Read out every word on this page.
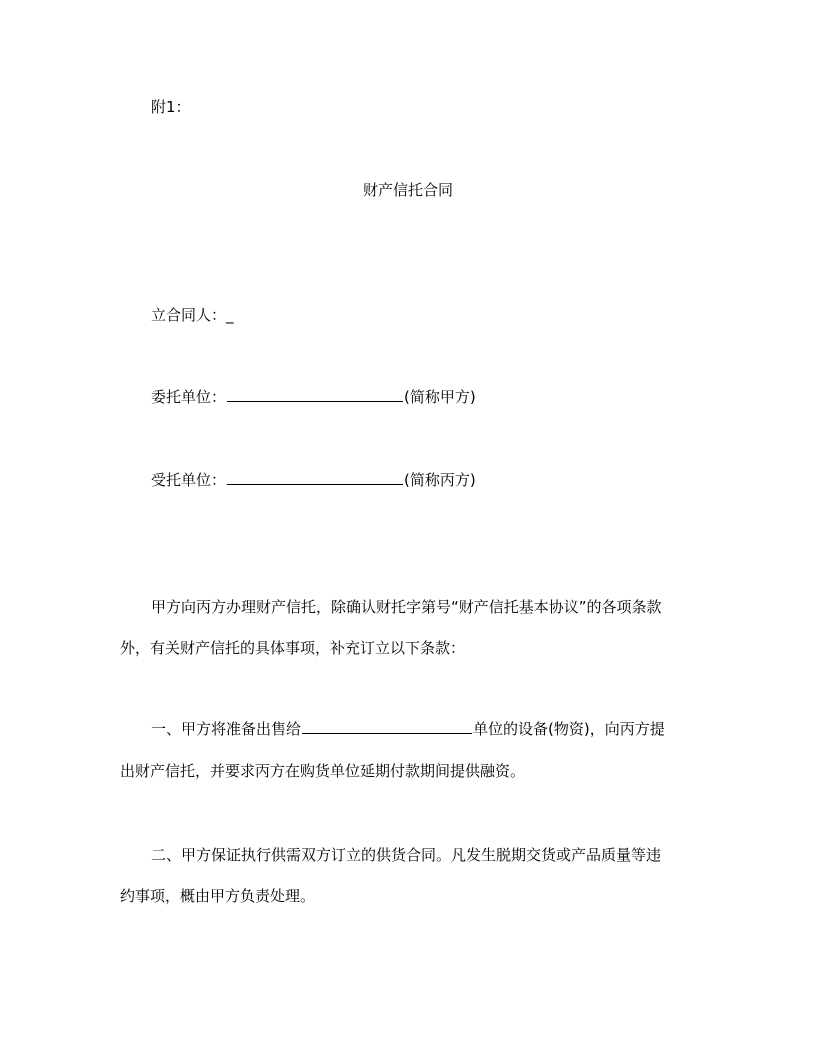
附1：
财产信托合同
立合同人：_
委托单位：	(简称甲方)
受托单位：	(简称丙方)
甲方向丙方办理财产信托，除确认财托字第号“财产信托基本协议”的各项条款
外，有关财产信托的具体事项，补充订立以下条款：
一、甲方将准备出售给	单位的设备(物资)，向丙方提
出财产信托，并要求丙方在购货单位延期付款期间提供融资。
二、甲方保证执行供需双方订立的供货合同。凡发生脱期交货或产品质量等违
约事项，概由甲方负责处理。
